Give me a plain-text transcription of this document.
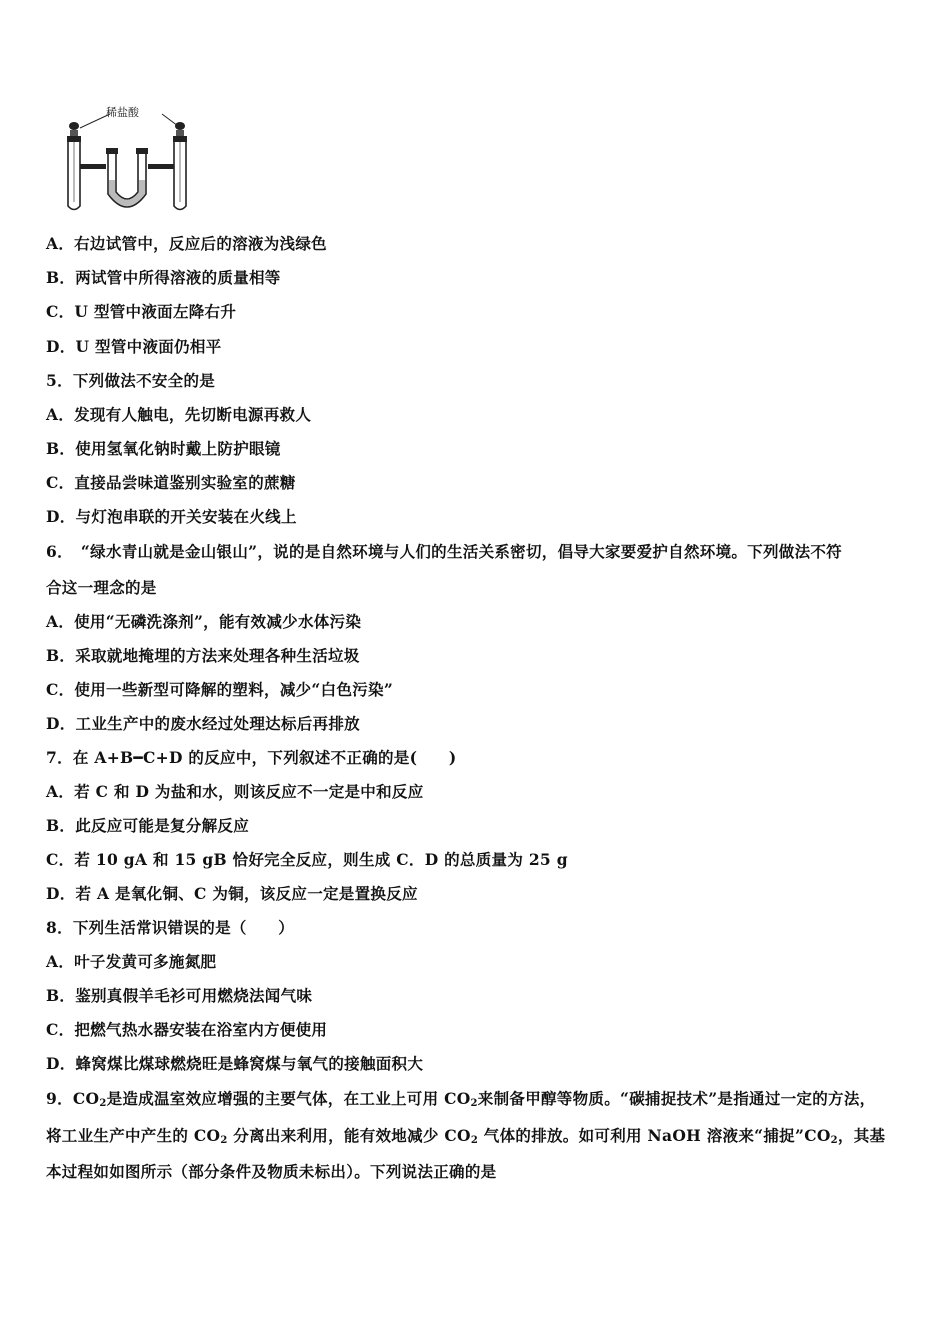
稀盐酸
A．右边试管中，反应后的溶液为浅绿色
B．两试管中所得溶液的质量相等
C．U 型管中液面左降右升
D．U 型管中液面仍相平
5．下列做法不安全的是
A．发现有人触电，先切断电源再救人
B．使用氢氧化钠时戴上防护眼镜
C．直接品尝味道鉴别实验室的蔗糖
D．与灯泡串联的开关安装在火线上
6．　“绿水青山就是金山银山”，说的是自然环境与人们的生活关系密切，倡导大家要爱护自然环境。下列做法不符
合这一理念的是
A．使用“无磷洗涤剂”，能有效减少水体污染
B．采取就地掩埋的方法来处理各种生活垃圾
C．使用一些新型可降解的塑料，减少“白色污染”
D．工业生产中的废水经过处理达标后再排放
7．在 A+B━C+D 的反应中，下列叙述不正确的是(　　)
A．若 C 和 D 为盐和水，则该反应不一定是中和反应
B．此反应可能是复分解反应
C．若 10 gA 和 15 gB 恰好完全反应，则生成 C．D 的总质量为 25 g
D．若 A 是氧化铜、C 为铜，该反应一定是置换反应
8．下列生活常识错误的是（　　）
A．叶子发黄可多施氮肥
B．鉴别真假羊毛衫可用燃烧法闻气味
C．把燃气热水器安装在浴室内方便使用
D．蜂窝煤比煤球燃烧旺是蜂窝煤与氧气的接触面积大
9．$CO_2$是造成温室效应增强的主要气体，在工业上可用 $CO_2$来制备甲醇等物质。“碳捕捉技术”是指通过一定的方法，
将工业生产中产生的 $CO_2$ 分离出来利用，能有效地减少 $CO_2$ 气体的排放。如可利用 NaOH 溶液来“捕捉$”CO_2$，其基
本过程如如图所示（部分条件及物质未标出）。下列说法正确的是
